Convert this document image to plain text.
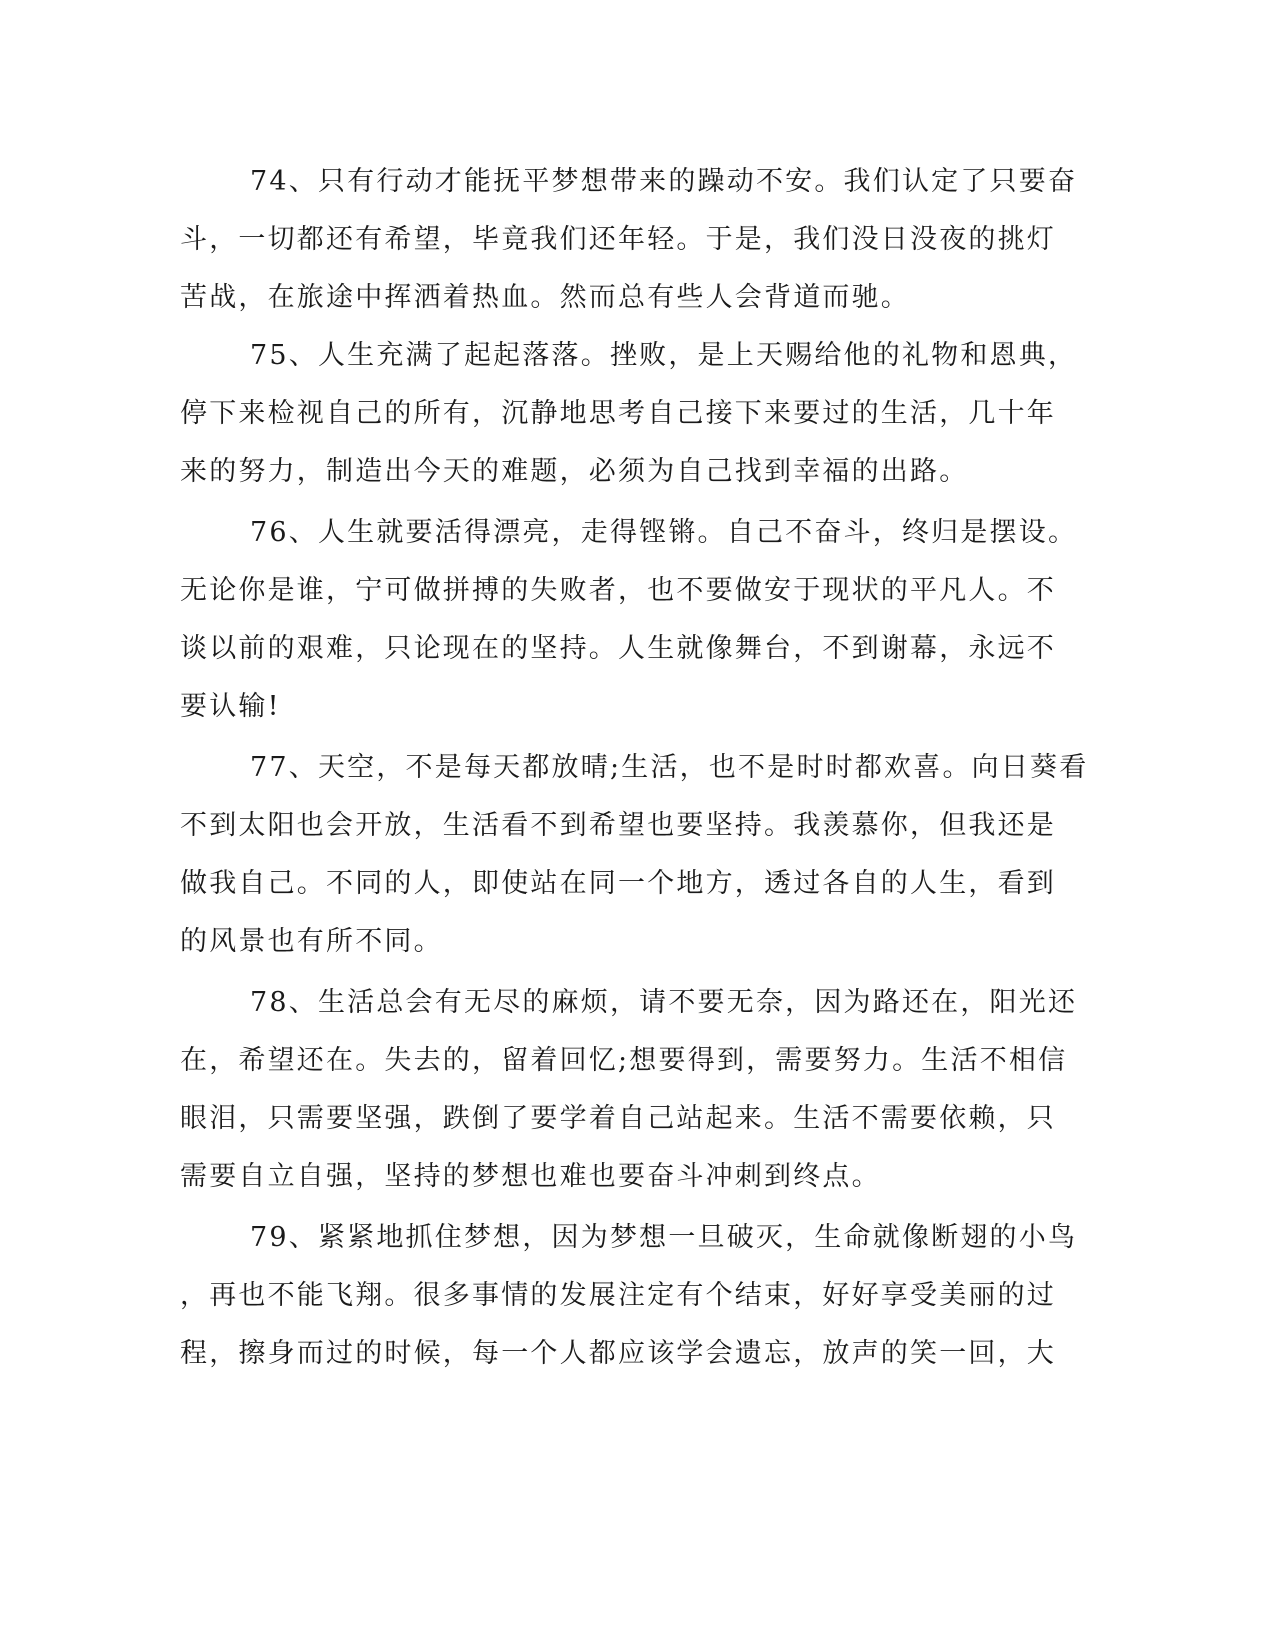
74、只有行动才能抚平梦想带来的躁动不安。我们认定了只要奋
斗，一切都还有希望，毕竟我们还年轻。于是，我们没日没夜的挑灯
苦战，在旅途中挥洒着热血。然而总有些人会背道而驰。
75、人生充满了起起落落。挫败，是上天赐给他的礼物和恩典，
停下来检视自己的所有，沉静地思考自己接下来要过的生活，几十年
来的努力，制造出今天的难题，必须为自己找到幸福的出路。
76、人生就要活得漂亮，走得铿锵。自己不奋斗，终归是摆设。
无论你是谁，宁可做拼搏的失败者，也不要做安于现状的平凡人。不
谈以前的艰难，只论现在的坚持。人生就像舞台，不到谢幕，永远不
要认输!
77、天空，不是每天都放晴;生活，也不是时时都欢喜。向日葵看
不到太阳也会开放，生活看不到希望也要坚持。我羡慕你，但我还是
做我自己。不同的人，即使站在同一个地方，透过各自的人生，看到
的风景也有所不同。
78、生活总会有无尽的麻烦，请不要无奈，因为路还在，阳光还
在，希望还在。失去的，留着回忆;想要得到，需要努力。生活不相信
眼泪，只需要坚强，跌倒了要学着自己站起来。生活不需要依赖，只
需要自立自强，坚持的梦想也难也要奋斗冲刺到终点。
79、紧紧地抓住梦想，因为梦想一旦破灭，生命就像断翅的小鸟
，再也不能飞翔。很多事情的发展注定有个结束，好好享受美丽的过
程，擦身而过的时候，每一个人都应该学会遗忘，放声的笑一回，大
